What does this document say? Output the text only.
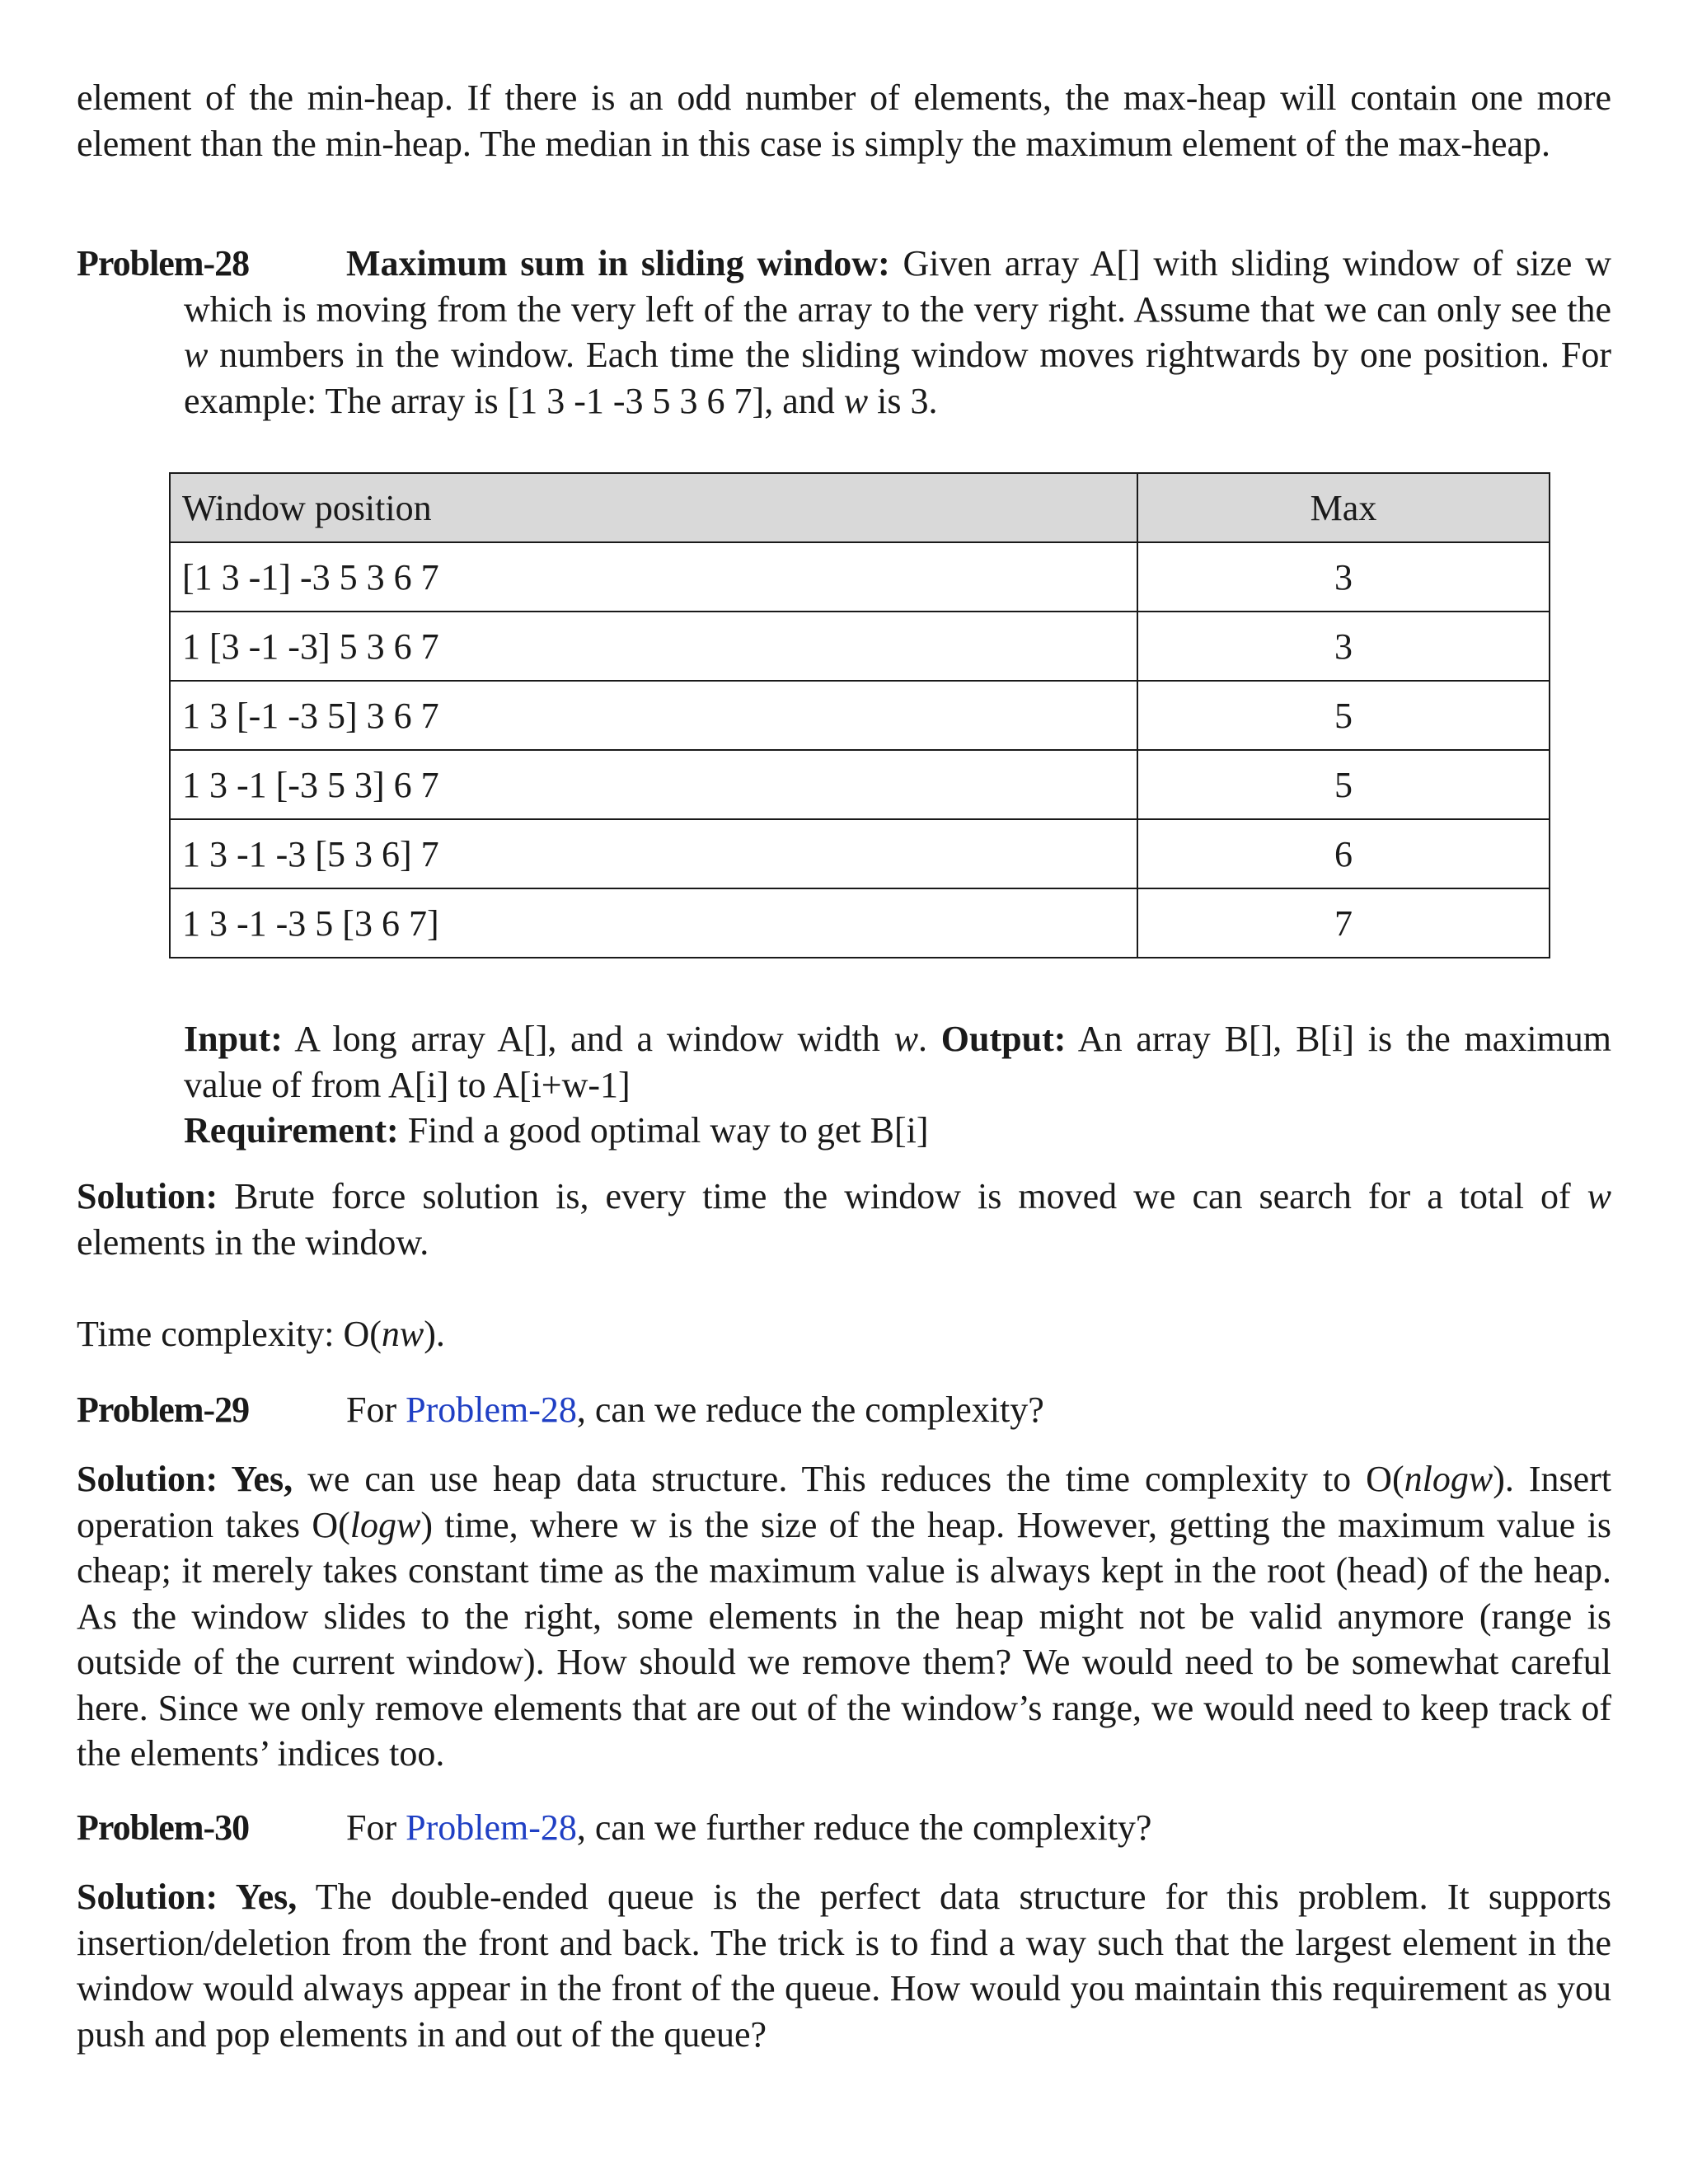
element of the min-heap. If there is an odd number of elements, the max-heap will contain one more element than the min-heap. The median in this case is simply the maximum element of the max-heap.

Problem-28	Maximum sum in sliding window: Given array A[] with sliding window of size w which is moving from the very left of the array to the very right. Assume that we can only see the w numbers in the window. Each time the sliding window moves rightwards by one position. For example: The array is [1 3 -1 -3 5 3 6 7], and w is 3.
Window position	Max
[1 3 -1] -3 5 3 6 7	3
1 [3 -1 -3] 5 3 6 7	3
1 3 [-1 -3 5] 3 6 7	5
1 3 -1 [-3 5 3] 6 7	5
1 3 -1 -3 [5 3 6] 7	6
1 3 -1 -3 5 [3 6 7]	7
Input: A long array A[], and a window width w. Output: An array B[], B[i] is the maximum value of from A[i] to A[i+w-1]
Requirement: Find a good optimal way to get B[i]

Solution: Brute force solution is, every time the window is moved we can search for a total of w elements in the window.

Time complexity: O(nw).

Problem-29	For Problem-28, can we reduce the complexity?

Solution: Yes, we can use heap data structure. This reduces the time complexity to O(nlogw). Insert operation takes O(logw) time, where w is the size of the heap. However, getting the maximum value is cheap; it merely takes constant time as the maximum value is always kept in the root (head) of the heap. As the window slides to the right, some elements in the heap might not be valid anymore (range is outside of the current window). How should we remove them? We would need to be somewhat careful here. Since we only remove elements that are out of the window’s range, we would need to keep track of the elements’ indices too.

Problem-30	For Problem-28, can we further reduce the complexity?

Solution: Yes, The double-ended queue is the perfect data structure for this problem. It supports insertion/deletion from the front and back. The trick is to find a way such that the largest element in the window would always appear in the front of the queue. How would you maintain this requirement as you push and pop elements in and out of the queue?
